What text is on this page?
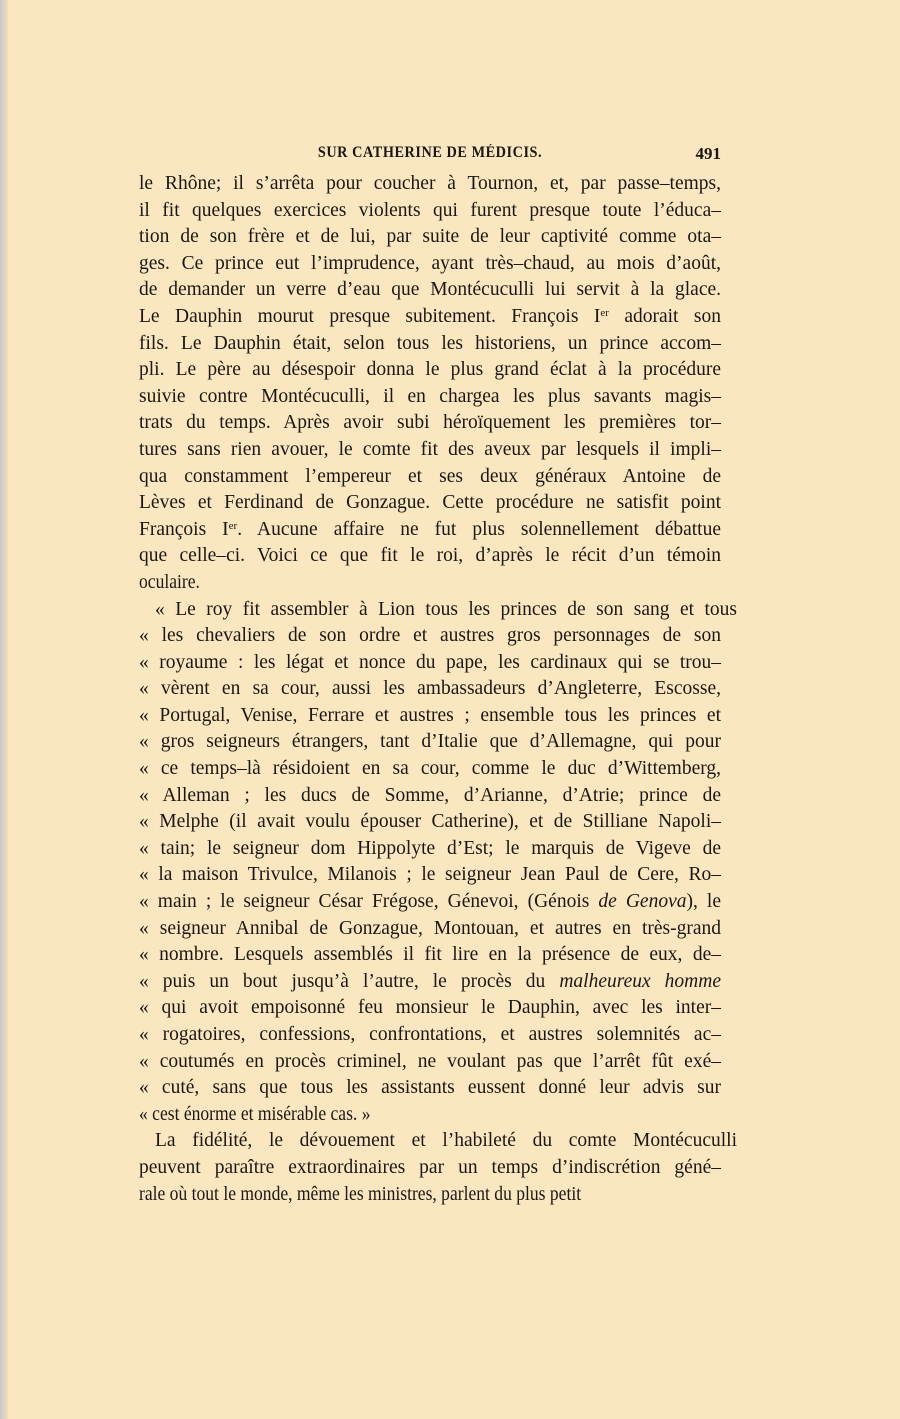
SUR CATHERINE DE MÉDICIS.	491
le Rhône; il s’arrêta pour coucher à Tournon, et, par passe–temps,
il fit quelques exercices violents qui furent presque toute l’éduca–
tion de son frère et de lui, par suite de leur captivité comme ota–
ges. Ce prince eut l’imprudence, ayant très–chaud, au mois d’août,
de demander un verre d’eau que Montécuculli lui servit à la glace.
Le Dauphin mourut presque subitement. François Ier adorait son
fils. Le Dauphin était, selon tous les historiens, un prince accom–
pli. Le père au désespoir donna le plus grand éclat à la procédure
suivie contre Montécuculli, il en chargea les plus savants magis–
trats du temps. Après avoir subi héroïquement les premières tor–
tures sans rien avouer, le comte fit des aveux par lesquels il impli–
qua constamment l’empereur et ses deux généraux Antoine de
Lèves et Ferdinand de Gonzague. Cette procédure ne satisfit point
François Ier. Aucune affaire ne fut plus solennellement débattue
que celle–ci. Voici ce que fit le roi, d’après le récit d’un témoin
oculaire.
« Le roy fit assembler à Lion tous les princes de son sang et tous
« les chevaliers de son ordre et austres gros personnages de son
« royaume : les légat et nonce du pape, les cardinaux qui se trou–
« vèrent en sa cour, aussi les ambassadeurs d’Angleterre, Escosse,
« Portugal, Venise, Ferrare et austres ; ensemble tous les princes et
« gros seigneurs étrangers, tant d’Italie que d’Allemagne, qui pour
« ce temps–là résidoient en sa cour, comme le duc d’Wittemberg,
« Alleman ; les ducs de Somme, d’Arianne, d’Atrie; prince de
« Melphe (il avait voulu épouser Catherine), et de Stilliane Napoli–
« tain; le seigneur dom Hippolyte d’Est; le marquis de Vigeve de
« la maison Trivulce, Milanois ; le seigneur Jean Paul de Cere, Ro–
« main ; le seigneur César Frégose, Génevoi, (Génois de Genova), le
« seigneur Annibal de Gonzague, Montouan, et autres en très-grand
« nombre. Lesquels assemblés il fit lire en la présence de eux, de–
« puis un bout jusqu’à l’autre, le procès du malheureux homme
« qui avoit empoisonné feu monsieur le Dauphin, avec les inter–
« rogatoires, confessions, confrontations, et austres solemnités ac–
« coutumés en procès criminel, ne voulant pas que l’arrêt fût exé–
« cuté, sans que tous les assistants eussent donné leur advis sur
« cest énorme et misérable cas. »
La fidélité, le dévouement et l’habileté du comte Montécuculli
peuvent paraître extraordinaires par un temps d’indiscrétion géné–
rale où tout le monde, même les ministres, parlent du plus petit
